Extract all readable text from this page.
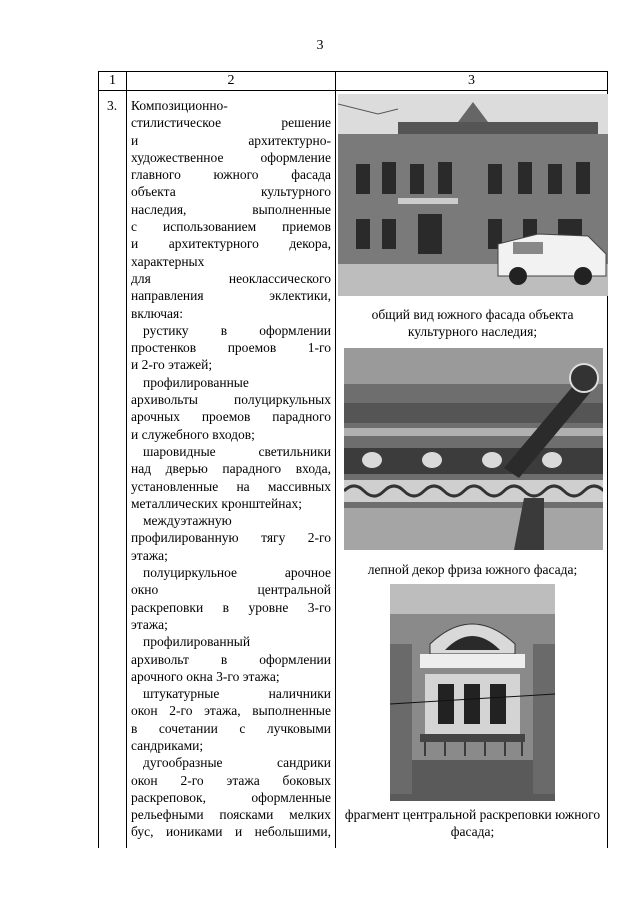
3
1	2	3
3. Композиционно-

стилистическое решение

и архитектурно-

художественное оформление

главного южного фасада

объекта культурного

наследия, выполненные

с использованием приемов

и архитектурного декора,

характерных

для неоклассического

направления эклектики,

включая:

рустику в оформлении

простенков проемов 1-го

и 2-го этажей;

профилированные

архивольты полуциркульных

арочных проемов парадного

и служебного входов;

шаровидные светильники

над дверью парадного входа,

установленные на массивных

металлических кронштейнах;

междуэтажную

профилированную тягу 2-го

этажа;

полуциркульное арочное

окно центральной

раскреповки в уровне 3-го

этажа;

профилированный

архивольт в оформлении

арочного окна 3-го этажа;

штукатурные наличники

окон 2-го этажа, выполненные

в сочетании с лучковыми

сандриками;

дугообразные сандрики

окон 2-го этажа боковых

раскреповок, оформленные

рельефными поясками мелких

бус, иониками и небольшими,

общий вид южного фасада объекта культурного наследия;
лепной декор фриза южного фасада;
фрагмент центральной раскреповки южного фасада;
